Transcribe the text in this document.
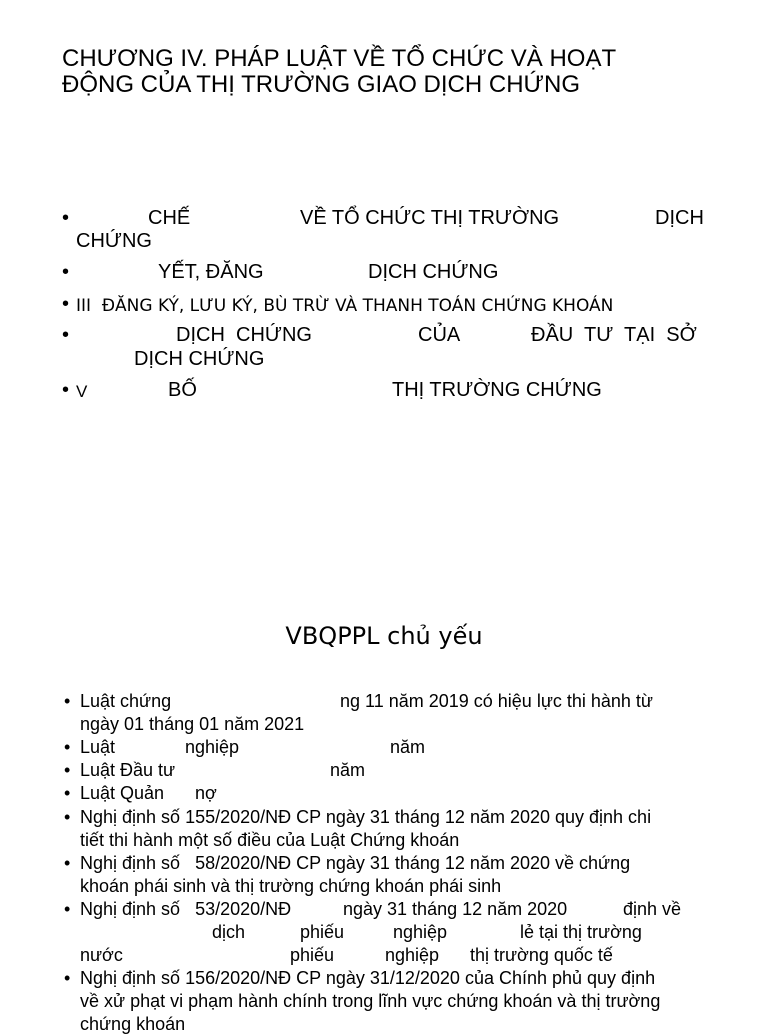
CHƯƠNG IV. PHÁP LUẬT VỀ TỔ CHỨC VÀ HOẠT
ĐỘNG CỦA THỊ TRƯỜNG GIAO DỊCH CHỨNG
•	CHẾ	VỀ TỔ CHỨC THỊ TRƯỜNG	DỊCH
CHỨNG
•	YẾT, ĐĂNG	DỊCH CHỨNG
• III  ĐĂNG KÝ, LƯU KÝ, BÙ TRỪ VÀ THANH TOÁN CHỨNG KHOÁN
•	DỊCH  CHỨNG	CỦA	ĐẦU  TƯ  TẠI  SỞ
DỊCH CHỨNG
• V	BỐ	THỊ TRƯỜNG CHỨNG
VBQPPL chủ yếu
• Luật chứng	ng 11 năm 2019 có hiệu lực thi hành từ
ngày 01 tháng 01 năm 2021
• Luật	nghiệp	năm
• Luật Đầu tư	năm
• Luật Quản nợ
• Nghị định số 155/2020/NĐ CP ngày 31 tháng 12 năm 2020 quy định chi
tiết thi hành một số điều của Luật Chứng khoán
• Nghị định số   58/2020/NĐ CP ngày 31 tháng 12 năm 2020 về chứng
khoán phái sinh và thị trường chứng khoán phái sinh
• Nghị định số   53/2020/NĐ	ngày 31 tháng 12 năm 2020	định về
dịch	phiếu	nghiệp	lẻ tại thị trường
nước	phiếu	nghiệp thị trường quốc tế
• Nghị định số 156/2020/NĐ CP ngày 31/12/2020 của Chính phủ quy định
về xử phạt vi phạm hành chính trong lĩnh vực chứng khoán và thị trường
chứng khoán
